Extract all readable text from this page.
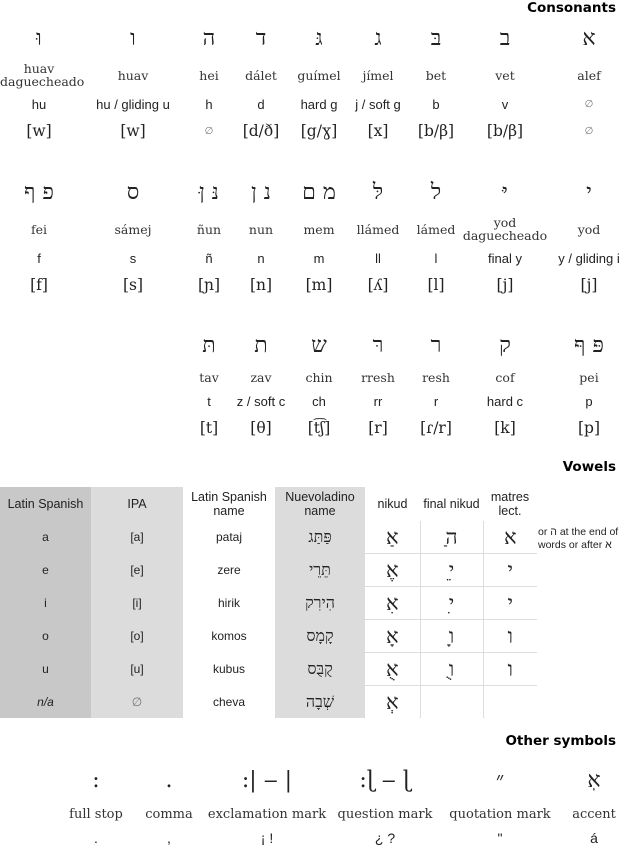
Consonants
וּ	ו	ה	ד	גּ	ג	בּ	ב	א
huav daguecheado	huav	hei	dálet	guímel	jímel	bet	vet	alef
hu	hu / gliding u	h	d	hard g	j / soft g	b	v	∅
[w]	[w]	∅	[d/ð]	[g/ɣ]	[x]	[b/β]	[b/β]	∅
פ ף	ס	נּ ןּ	נ ן	מ ם	לּ	ל	יּ	י
fei	sámej	ñun	nun	mem	llámed	lámed	yod daguecheado	yod
f	s	ñ	n	m	ll	l	final y	y / gliding i
[f]	[s]	[ɲ]	[n]	[m]	[ʎ]	[l]	[j]	[j]
תּ	ת	ש	רּ	ר	ק	פּ ףּ
tav	zav	chin	rresh	resh	cof	pei
t	z / soft c	ch	rr	r	hard c	p
[t]	[θ]	[t͡ʃ]	[r]	[ɾ/r]	[k]	[p]
Vowels
Latin Spanish	IPA	Latin Spanish name	Nuevoladino name	nikud	final nikud	matres lect.
a	[a]	pataj	פַּתַּג	אַ	ַה	א
e	[e]	zere	תֵּרֵי	אֶ	ֵי	י
i	[i]	hirik	הִירִק	אִ	ִי	י
o	[o]	komos	קָמָס	אָ	ָו	ו
u	[u]	kubus	קֻבֻּס	אֻ	ֻו	ו
n/a	∅	cheva	שְׁבָה	אְ		
or ה at the end of words or after א
Other symbols
:	.	:| ‒ |	:ɭ ‒ ɭ	״	אֽ
full stop	comma	exclamation mark	question mark	quotation mark	accent
.	,	¡ !	¿ ?	"	á
